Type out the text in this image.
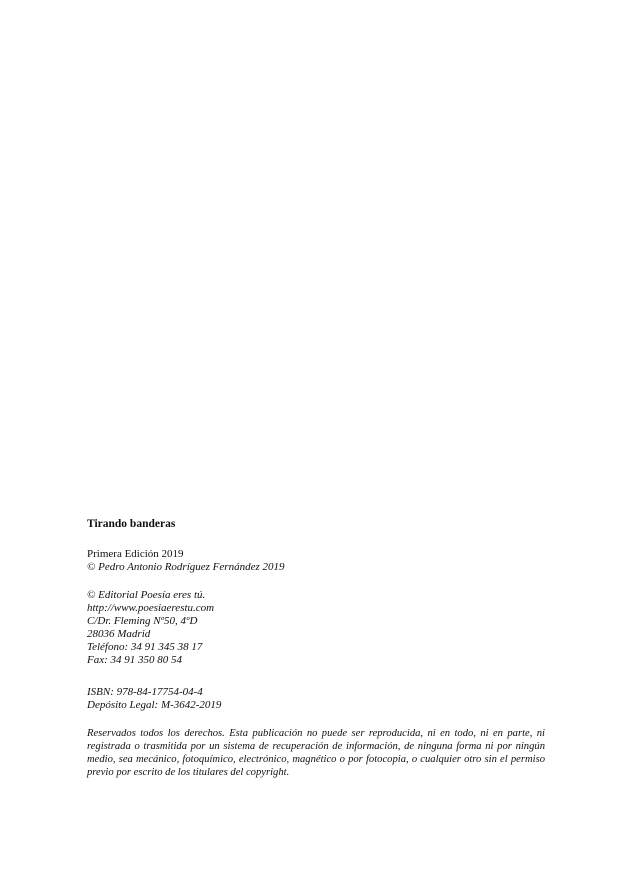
Tirando banderas
Primera Edición 2019
© Pedro Antonio Rodríguez Fernández 2019
© Editorial Poesía eres tú.
http://www.poesiaerestu.com
C/Dr. Fleming Nº50, 4ºD
28036 Madrid
Teléfono: 34 91 345 38 17
Fax: 34 91 350 80 54
ISBN: 978-84-17754-04-4
Depósito Legal: M-3642-2019
Reservados todos los derechos. Esta publicación no puede ser reproducida, ni en todo, ni en parte, ni registrada o trasmitida por un sistema de recuperación de información, de ninguna forma ni por ningún medio, sea mecánico, fotoquímico, electrónico, magnético o por fotocopia, o cualquier otro sin el permiso previo por escrito de los titulares del copyright.
